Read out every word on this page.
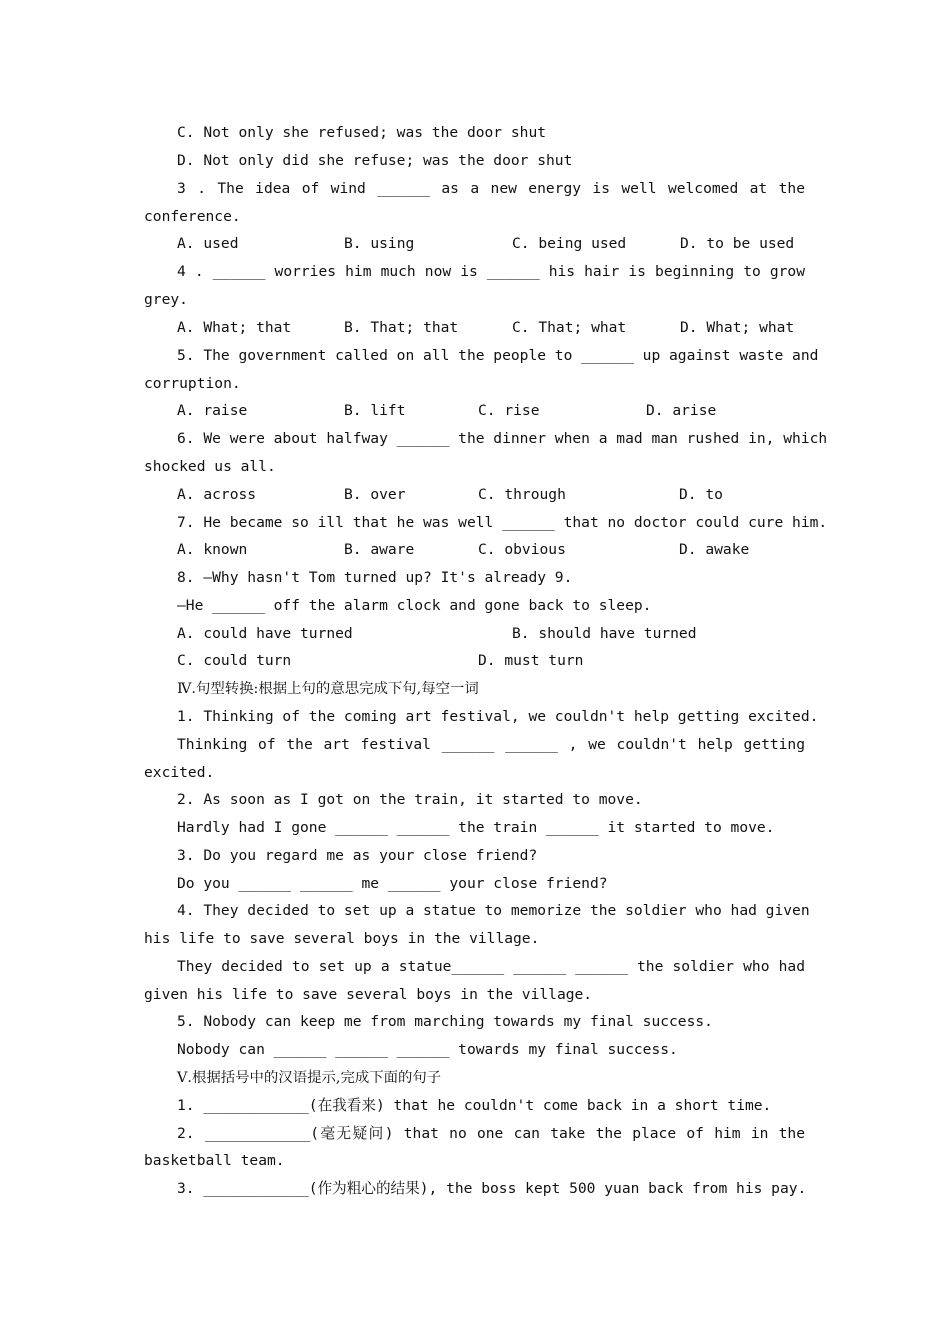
C. Not only she refused; was the door shut
D. Not only did she refuse; was the door shut
3 . The idea of wind ______ as a new energy is well welcomed at the
conference.
A. used	B. using	C. being used	D. to be used
4 . ______ worries him much now is ______ his hair is beginning to grow
grey.
A. What; that	B. That; that	C. That; what	D. What; what
5. The government called on all the people to ______ up against waste and
corruption.
A. raise	B. lift	C. rise	D. arise
6. We were about halfway ______ the dinner when a mad man rushed in, which
shocked us all.
A. across	B. over	C. through	D. to
7. He became so ill that he was well ______ that no doctor could cure him.
A. known	B. aware	C. obvious	D. awake
8. —Why hasn't Tom turned up? It's already 9.
—He ______ off the alarm clock and gone back to sleep.
A. could have turned	B. should have turned
C. could turn	D. must turn
Ⅳ.句型转换:根据上句的意思完成下句,每空一词
1. Thinking of the coming art festival, we couldn't help getting excited.
Thinking of the art festival ______ ______ , we couldn't help getting
excited.
2. As soon as I got on the train, it started to move.
Hardly had I gone ______ ______ the train ______ it started to move.
3. Do you regard me as your close friend?
Do you ______ ______ me ______ your close friend?
4. They decided to set up a statue to memorize the soldier who had given
his life to save several boys in the village.
They decided to set up a statue______ ______ ______ the soldier who had
given his life to save several boys in the village.
5. Nobody can keep me from marching towards my final success.
Nobody can ______ ______ ______ towards my final success.
Ⅴ.根据括号中的汉语提示,完成下面的句子
1. ____________(在我看来) that he couldn't come back in a short time.
2. ____________(毫无疑问) that no one can take the place of him in the
basketball team.
3. ____________(作为粗心的结果), the boss kept 500 yuan back from his pay.
